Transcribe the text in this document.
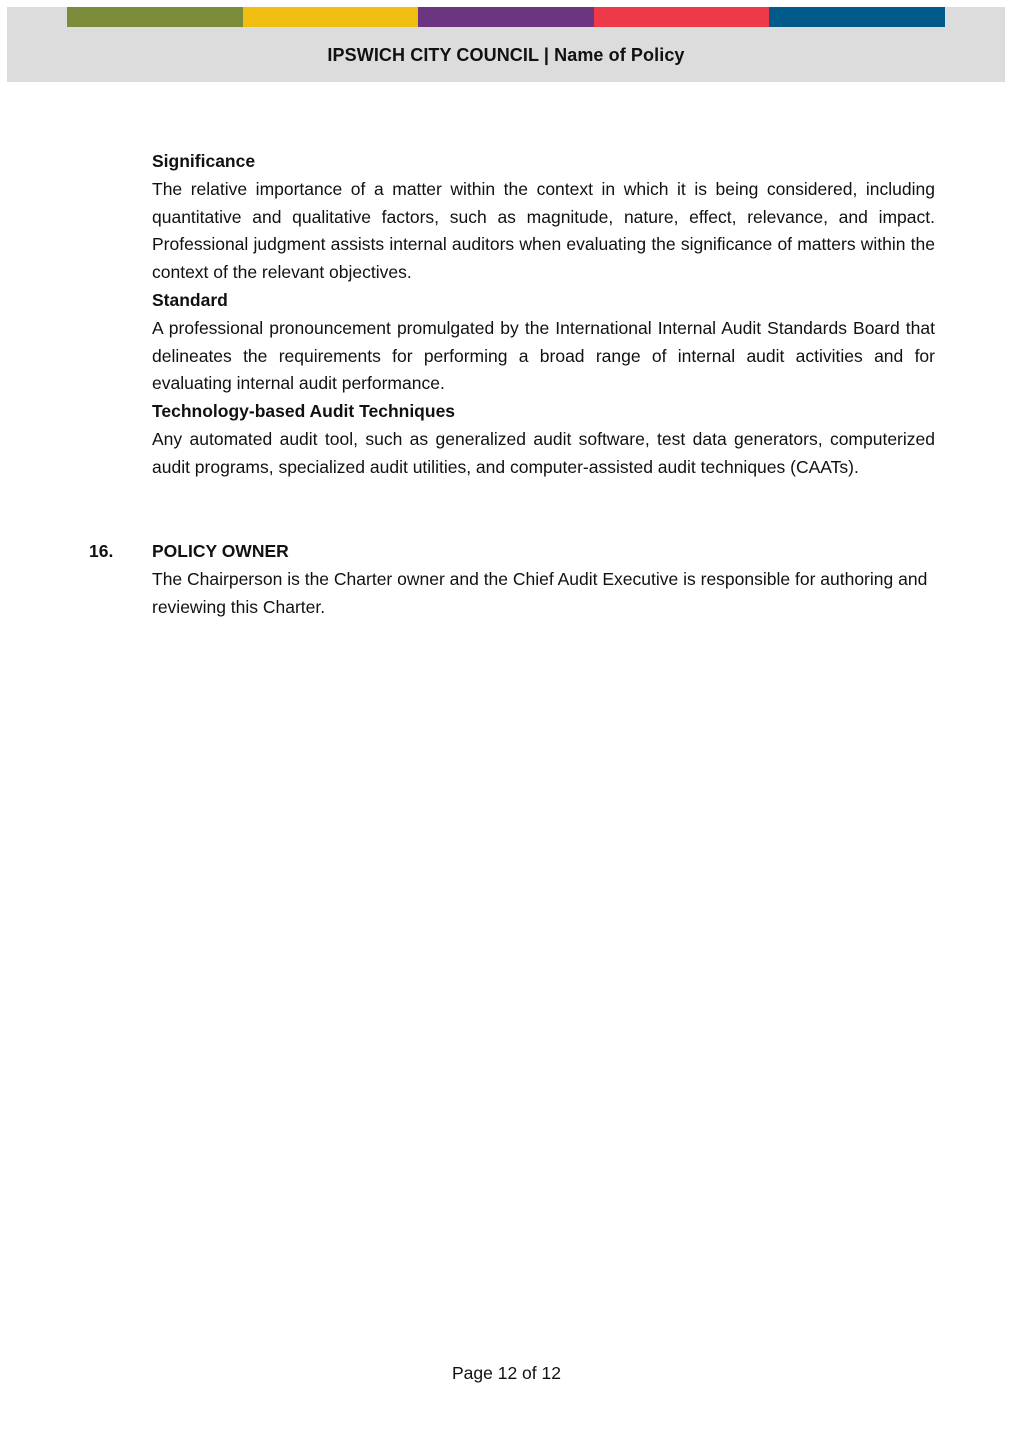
IPSWICH CITY COUNCIL | Name of Policy
Significance
The relative importance of a matter within the context in which it is being considered, including quantitative and qualitative factors, such as magnitude, nature, effect, relevance, and impact. Professional judgment assists internal auditors when evaluating the significance of matters within the context of the relevant objectives.
Standard
A professional pronouncement promulgated by the International Internal Audit Standards Board that delineates the requirements for performing a broad range of internal audit activities and for evaluating internal audit performance.
Technology-based Audit Techniques
Any automated audit tool, such as generalized audit software, test data generators, computerized audit programs, specialized audit utilities, and computer-assisted audit techniques (CAATs).
16.	POLICY OWNER
The Chairperson is the Charter owner and the Chief Audit Executive is responsible for authoring and reviewing this Charter.
Page 12 of 12
